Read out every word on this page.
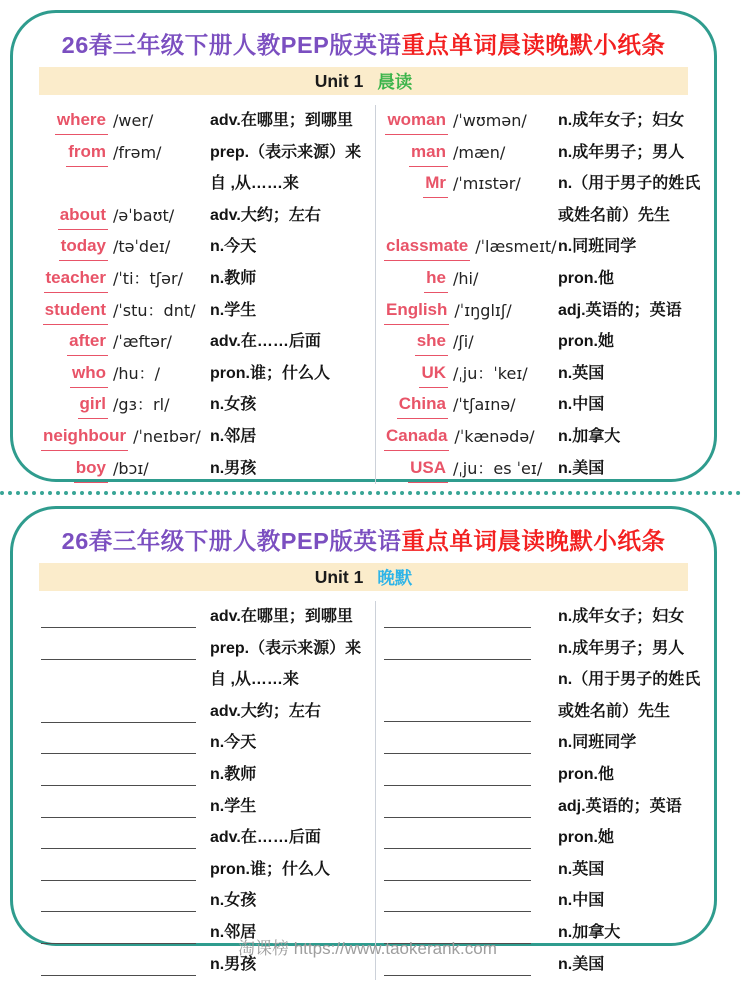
26春三年级下册人教PEP版英语重点单词晨读晚默小纸条
Unit 1 晨读
where /wer/	adv.在哪里；到哪里
from /frəm/	prep.（表示来源）来
自 ,从……来
about /əˈbaʊt/ adv.大约；左右
today /təˈdeɪ/ n.今天
teacher /ˈti：tʃər/ n.教师
student /ˈstu：dnt/ n.学生
after /ˈæftər/ adv.在……后面
who /hu：/	pron.谁；什么人
girl /gɜ：rl/	n.女孩
neighbour /ˈneɪbər/ n.邻居
boy /bɔɪ/	n.男孩
woman /ˈwʊmən/ n.成年女子；妇女
man /mæn/	n.成年男子；男人
Mr /ˈmɪstər/ n.（用于男子的姓氏
或姓名前）先生
classmate /ˈlæsmeɪt/ n.同班同学
he /hi/	pron.他
English /ˈɪŋglɪʃ/	adj.英语的；英语
she /ʃi/	pron.她
UK /ˌju：ˈkeɪ/ n.英国
China /ˈtʃaɪnə/	n.中国
Canada /ˈkænədə/ n.加拿大
USA /ˌju：es ˈeɪ/ n.美国
26春三年级下册人教PEP版英语重点单词晨读晚默小纸条
Unit 1 晚默
adv.在哪里；到哪里
prep.（表示来源）来
自 ,从……来
adv.大约；左右
n.今天
n.教师
n.学生
adv.在……后面
pron.谁；什么人
n.女孩
n.邻居
n.男孩
n.成年女子；妇女
n.成年男子；男人
n.（用于男子的姓氏
或姓名前）先生
n.同班同学
pron.他
adj.英语的；英语
pron.她
n.英国
n.中国
n.加拿大
n.美国
淘课榜 https://www.taokerank.com
